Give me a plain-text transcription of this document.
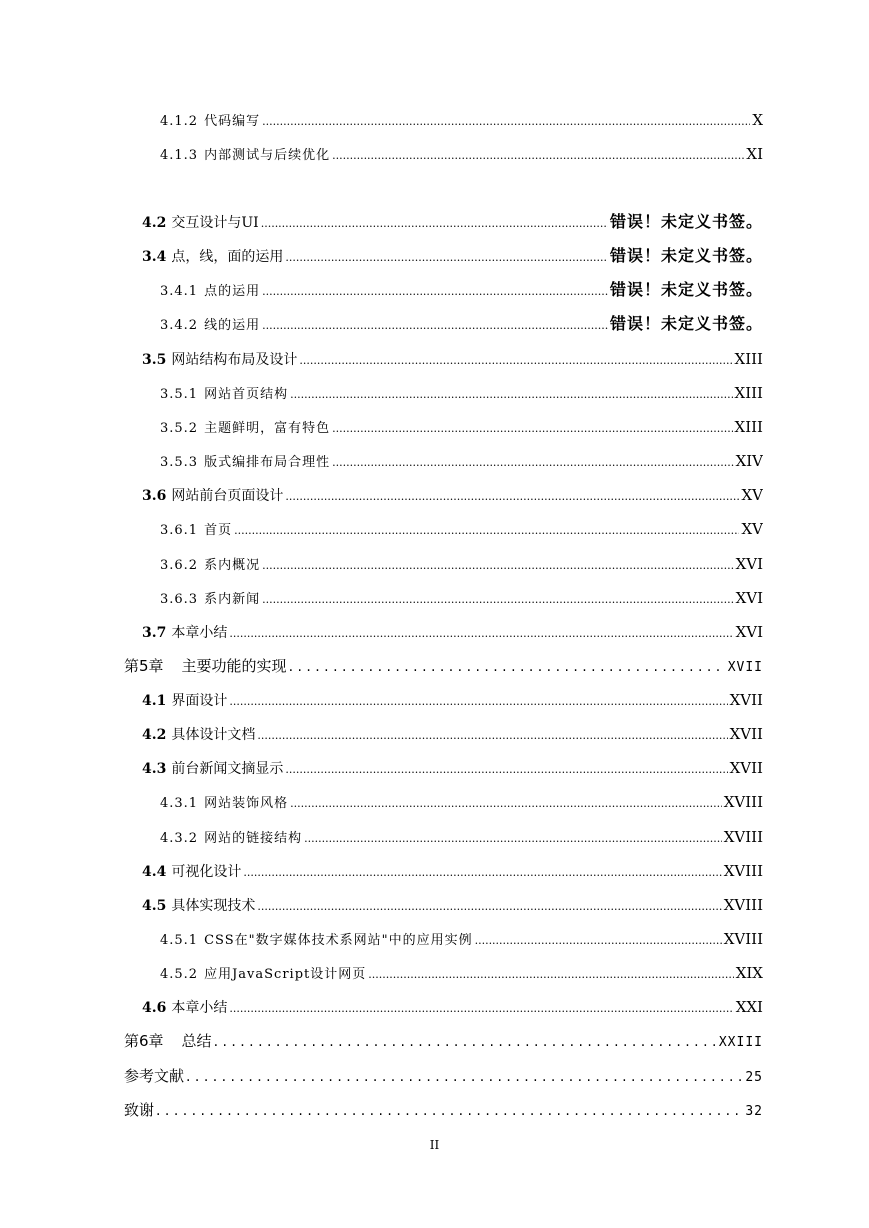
4.1.2 代码编写 .....	X
4.1.3 内部测试与后续优化 .....	XI
4.2 交互设计与UI .....	错误！未定义书签。
3.4 点，线，面的运用 .....	错误！未定义书签。
3.4.1 点的运用 .....	错误！未定义书签。
3.4.2 线的运用 .....	错误！未定义书签。
3.5 网站结构布局及设计 .....	XIII
3.5.1 网站首页结构 .....	XIII
3.5.2 主题鲜明，富有特色 .....	XIII
3.5.3 版式编排布局合理性 .....	XIV
3.6 网站前台页面设计 .....	XV
3.6.1 首页 .....	XV
3.6.2 系内概况 .....	XVI
3.6.3 系内新闻 .....	XVI
3.7 本章小结 .....	XVI
第5章 主要功能的实现 . . .	XVII
4.1 界面设计 .....	XVII
4.2 具体设计文档 .....	XVII
4.3 前台新闻文摘显示 .....	XVII
4.3.1 网站装饰风格 .....	XVIII
4.3.2 网站的链接结构 .....	XVIII
4.4 可视化设计 .....	XVIII
4.5 具体实现技术 .....	XVIII
4.5.1 CSS在"数字媒体技术系网站"中的应用实例 .....	XVIII
4.5.2 应用JavaScript设计网页 .....	XIX
4.6 本章小结 .....	XXI
第6章 总结 . . .	XXIII
参考文献 . . .	25
致谢 . . .	32
II
